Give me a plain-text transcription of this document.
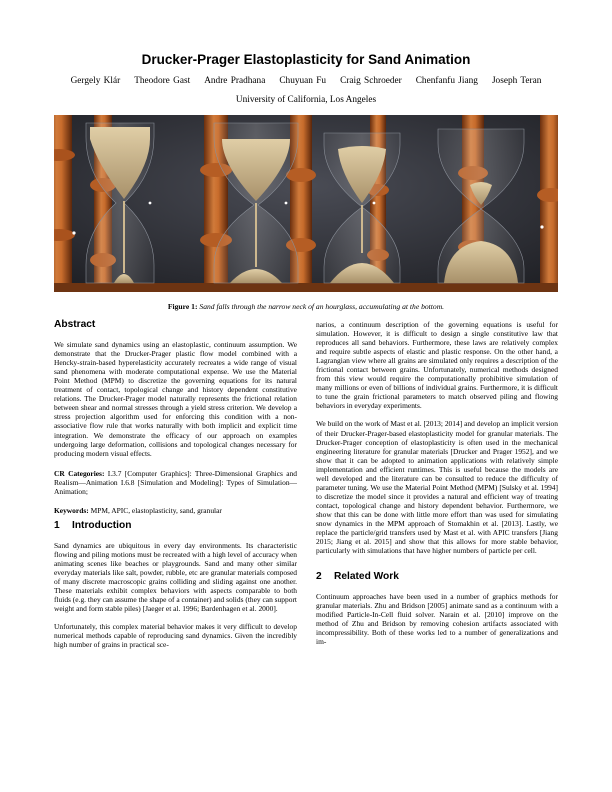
Drucker-Prager Elastoplasticity for Sand Animation
Gergely Klár Theodore Gast Andre Pradhana Chuyuan Fu Craig Schroeder Chenfanfu Jiang Joseph Teran
University of California, Los Angeles
Figure 1: Sand falls through the narrow neck of an hourglass, accumulating at the bottom.
Abstract

We simulate sand dynamics using an elastoplastic, continuum assumption. We demonstrate that the Drucker-Prager plastic flow model combined with a Hencky-strain-based hyperelasticity accurately recreates a wide range of visual sand phenomena with moderate computational expense. We use the Material Point Method (MPM) to discretize the governing equations for its natural treatment of contact, topological change and history dependent constitutive relations. The Drucker-Prager model naturally represents the frictional relation between shear and normal stresses through a yield stress criterion. We develop a stress projection algorithm used for enforcing this condition with a non-associative flow rule that works naturally with both implicit and explicit time integration. We demonstrate the efficacy of our approach on examples undergoing large deformation, collisions and topological changes necessary for producing modern visual effects.

CR Categories: I.3.7 [Computer Graphics]: Three-Dimensional Graphics and Realism—Animation I.6.8 [Simulation and Modeling]: Types of Simulation—Animation;

Keywords: MPM, APIC, elastoplasticity, sand, granular

1 Introduction

Sand dynamics are ubiquitous in every day environments. Its characteristic flowing and piling motions must be recreated with a high level of accuracy when animating scenes like beaches or playgrounds. Sand and many other similar everyday materials like salt, powder, rubble, etc are granular materials composed of many discrete macroscopic grains colliding and sliding against one another. These materials exhibit complex behaviors with aspects comparable to both fluids (e.g. they can assume the shape of a container) and solids (they can support weight and form stable piles) [Jaeger et al. 1996; Bardenhagen et al. 2000].

Unfortunately, this complex material behavior makes it very difficult to develop numerical methods capable of reproducing sand dynamics. Given the incredibly high number of grains in practical sce-

narios, a continuum description of the governing equations is useful for simulation. However, it is difficult to design a single constitutive law that reproduces all sand behaviors. Furthermore, these laws are relatively complex and require subtle aspects of elastic and plastic response. On the other hand, a Lagrangian view where all grains are simulated only requires a description of the frictional contact between grains. Unfortunately, numerical methods designed from this view would require the computationally prohibitive simulation of many millions or even of billions of individual grains. Furthermore, it is difficult to tune the grain frictional parameters to match observed piling and flowing behaviors in everyday experiments.

We build on the work of Mast et al. [2013; 2014] and develop an implicit version of their Drucker-Prager-based elastoplasticity model for granular materials. The Drucker-Prager conception of elastoplasticity is often used in the mechanical engineering literature for granular materials [Drucker and Prager 1952], and we show that it can be adopted to animation applications with relatively simple implementation and efficient runtimes. This is useful because the models are well developed and the literature can be consulted to reduce the difficulty of parameter tuning. We use the Material Point Method (MPM) [Sulsky et al. 1994] to discretize the model since it provides a natural and efficient way of treating contact, topological change and history dependent behavior. Furthermore, we show that this can be done with little more effort than was used for simulating snow dynamics in the MPM approach of Stomakhin et al. [2013]. Lastly, we replace the particle/grid transfers used by Mast et al. with APIC transfers [Jiang 2015; Jiang et al. 2015] and show that this allows for more stable behavior, particularly with simulations that have higher numbers of particle per cell.

2 Related Work

Continuum approaches have been used in a number of graphics methods for granular materials. Zhu and Bridson [2005] animate sand as a continuum with a modified Particle-In-Cell fluid solver. Narain et al. [2010] improve on the method of Zhu and Bridson by removing cohesion artifacts associated with incompressibility. Both of these works led to a number of generalizations and im-
